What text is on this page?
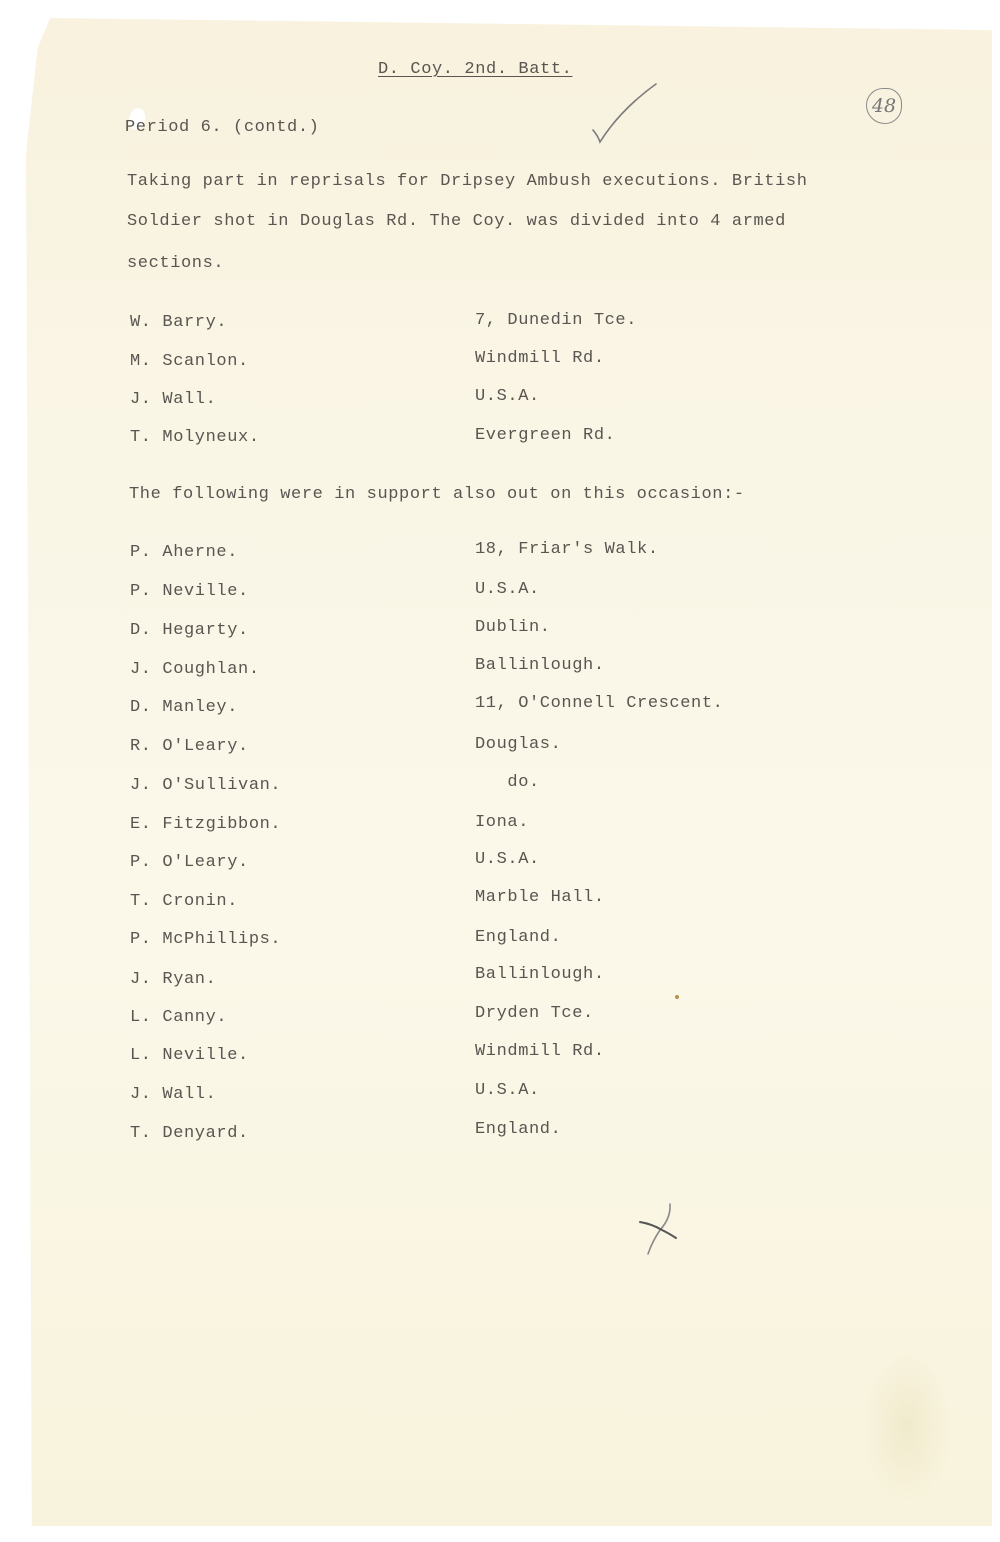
D. Coy. 2nd. Batt.
48
Period 6. (contd.)
Taking part in reprisals for Dripsey Ambush executions. British
Soldier shot in Douglas Rd. The Coy. was divided into 4 armed
sections.
W. Barry.	7, Dunedin Tce.
M. Scanlon.	Windmill Rd.
J. Wall.	U.S.A.
T. Molyneux.	Evergreen Rd.
The following were in support also out on this occasion:-
P. Aherne.	18, Friar's Walk.
P. Neville.	U.S.A.
D. Hegarty.	Dublin.
J. Coughlan.	Ballinlough.
D. Manley.	11, O'Connell Crescent.
R. O'Leary.	Douglas.
J. O'Sullivan.	do.
E. Fitzgibbon.	Iona.
P. O'Leary.	U.S.A.
T. Cronin.	Marble Hall.
P. McPhillips.	England.
J. Ryan.	Ballinlough.
L. Canny.	Dryden Tce.
L. Neville.	Windmill Rd.
J. Wall.	U.S.A.
T. Denyard.	England.
